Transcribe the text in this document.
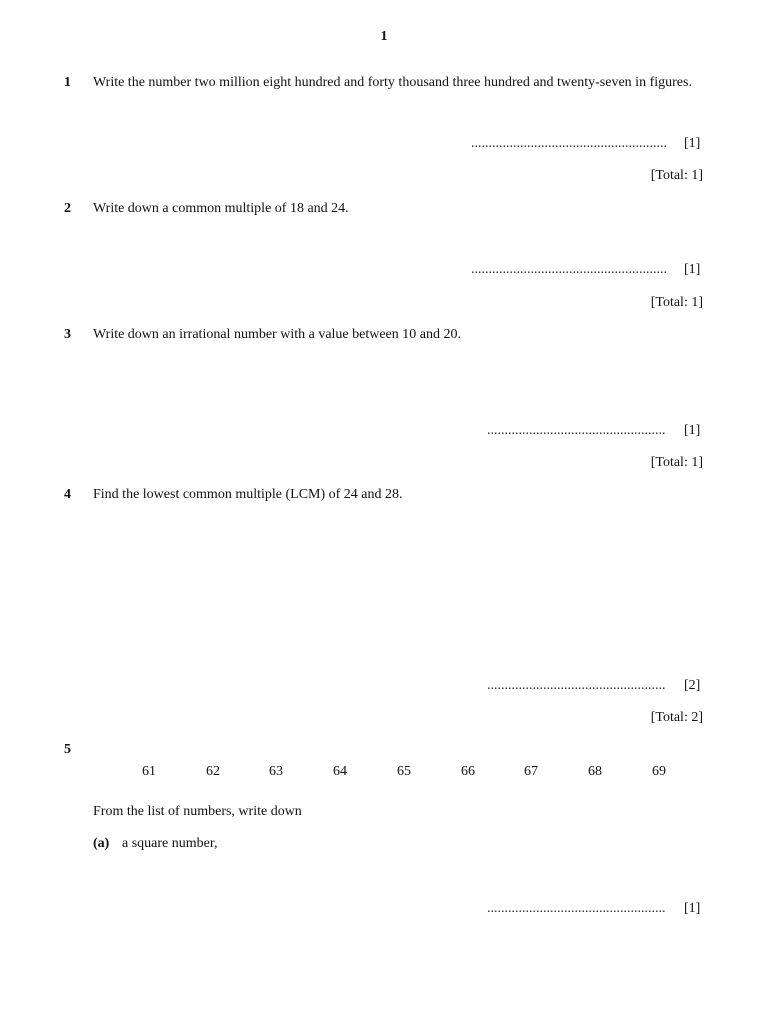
1
1 Write the number two million eight hundred and forty thousand three hundred and twenty-seven in figures.
........................................................ [1]
[Total: 1]
2 Write down a common multiple of 18 and 24.
........................................................ [1]
[Total: 1]
3 Write down an irrational number with a value between 10 and 20.
................................................... [1]
[Total: 1]
4 Find the lowest common multiple (LCM) of 24 and 28.
................................................... [2]
[Total: 2]
5
61	62	63	64	65	66	67	68	69
From the list of numbers, write down
(a) a square number,
................................................... [1]
